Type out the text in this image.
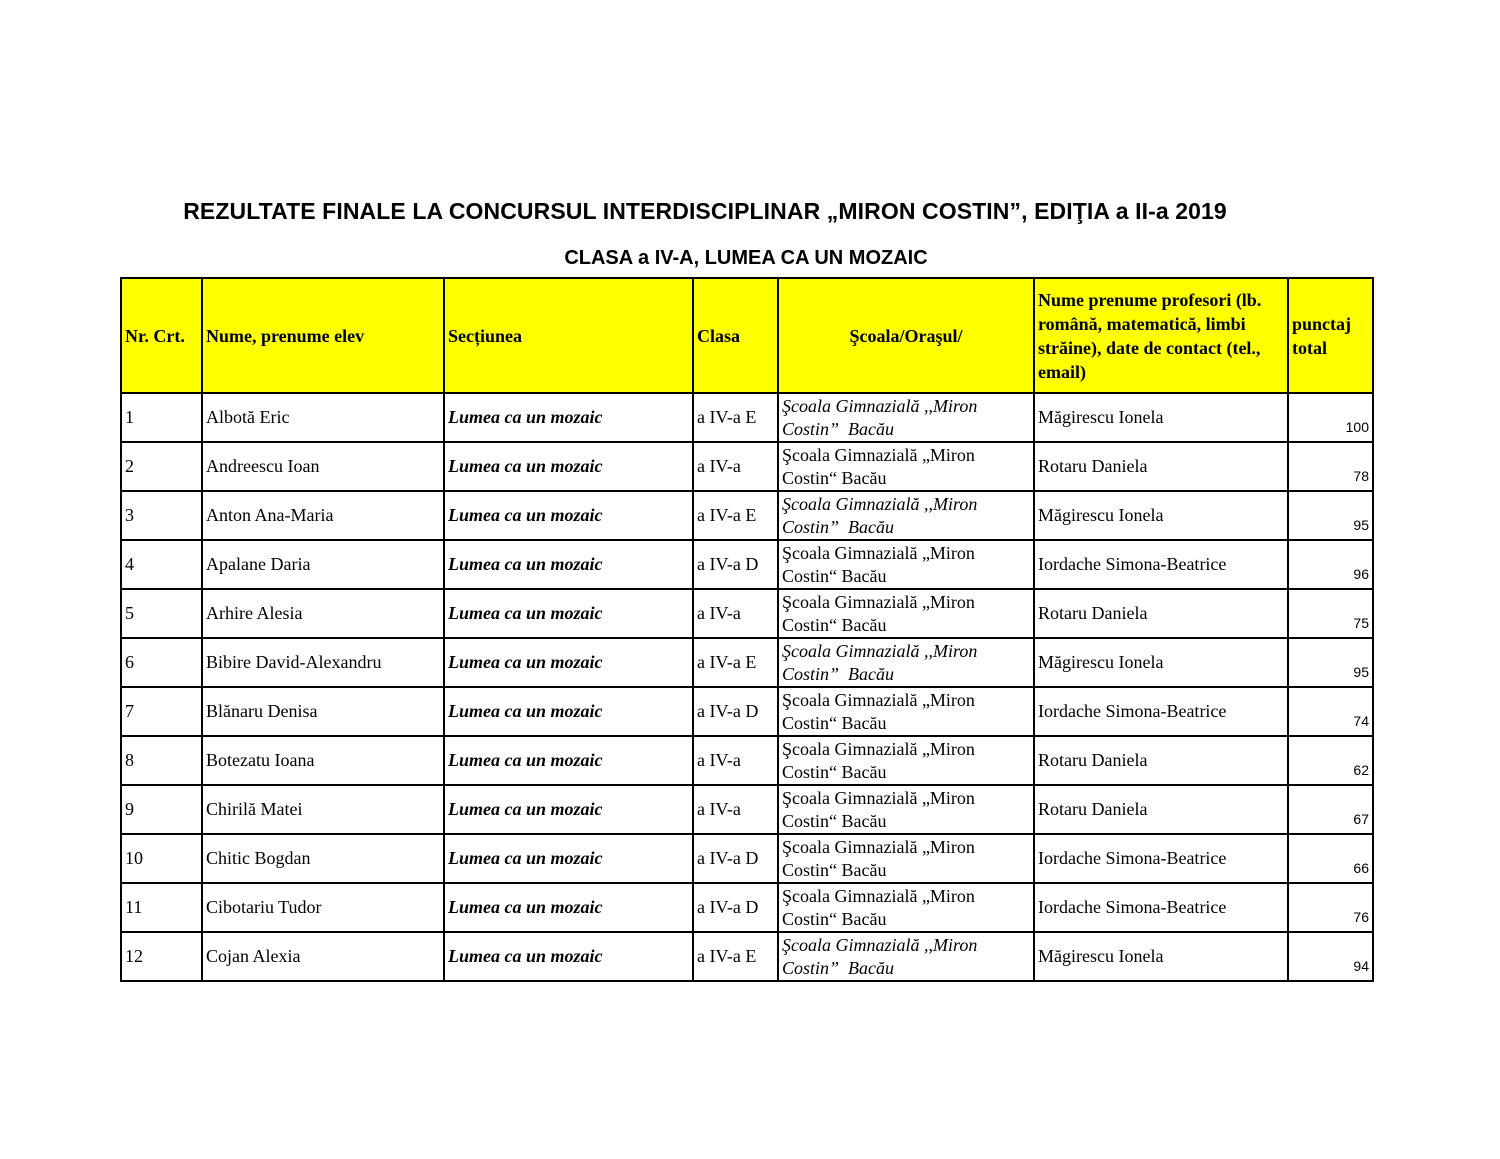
REZULTATE FINALE LA CONCURSUL INTERDISCIPLINAR „MIRON COSTIN”, EDIŢIA a II-a 2019
CLASA a IV-A, LUMEA CA UN MOZAIC
Nr. Crt.	Nume, prenume elev	Secțiunea	Clasa	Şcoala/Oraşul/	Nume prenume profesori (lb. română, matematică, limbi străine), date de contact (tel., email)	punctaj total
1	Albotă Eric	Lumea ca un mozaic	a IV-a E	Şcoala Gimnazială ,,Miron
Costin”  Bacău	Măgirescu Ionela	100
2	Andreescu Ioan	Lumea ca un mozaic	a IV-a	Şcoala Gimnazială „Miron
Costin“ Bacău	Rotaru Daniela	78
3	Anton Ana-Maria	Lumea ca un mozaic	a IV-a E	Şcoala Gimnazială ,,Miron
Costin”  Bacău	Măgirescu Ionela	95
4	Apalane Daria	Lumea ca un mozaic	a IV-a D	Şcoala Gimnazială „Miron
Costin“ Bacău	Iordache Simona-Beatrice	96
5	Arhire Alesia	Lumea ca un mozaic	a IV-a	Şcoala Gimnazială „Miron
Costin“ Bacău	Rotaru Daniela	75
6	Bibire David-Alexandru	Lumea ca un mozaic	a IV-a E	Şcoala Gimnazială ,,Miron
Costin”  Bacău	Măgirescu Ionela	95
7	Blănaru Denisa	Lumea ca un mozaic	a IV-a D	Şcoala Gimnazială „Miron
Costin“ Bacău	Iordache Simona-Beatrice	74
8	Botezatu Ioana	Lumea ca un mozaic	a IV-a	Şcoala Gimnazială „Miron
Costin“ Bacău	Rotaru Daniela	62
9	Chirilă Matei	Lumea ca un mozaic	a IV-a	Şcoala Gimnazială „Miron
Costin“ Bacău	Rotaru Daniela	67
10	Chitic Bogdan	Lumea ca un mozaic	a IV-a D	Şcoala Gimnazială „Miron
Costin“ Bacău	Iordache Simona-Beatrice	66
11	Cibotariu Tudor	Lumea ca un mozaic	a IV-a D	Şcoala Gimnazială „Miron
Costin“ Bacău	Iordache Simona-Beatrice	76
12	Cojan Alexia	Lumea ca un mozaic	a IV-a E	Şcoala Gimnazială ,,Miron
Costin”  Bacău	Măgirescu Ionela	94
